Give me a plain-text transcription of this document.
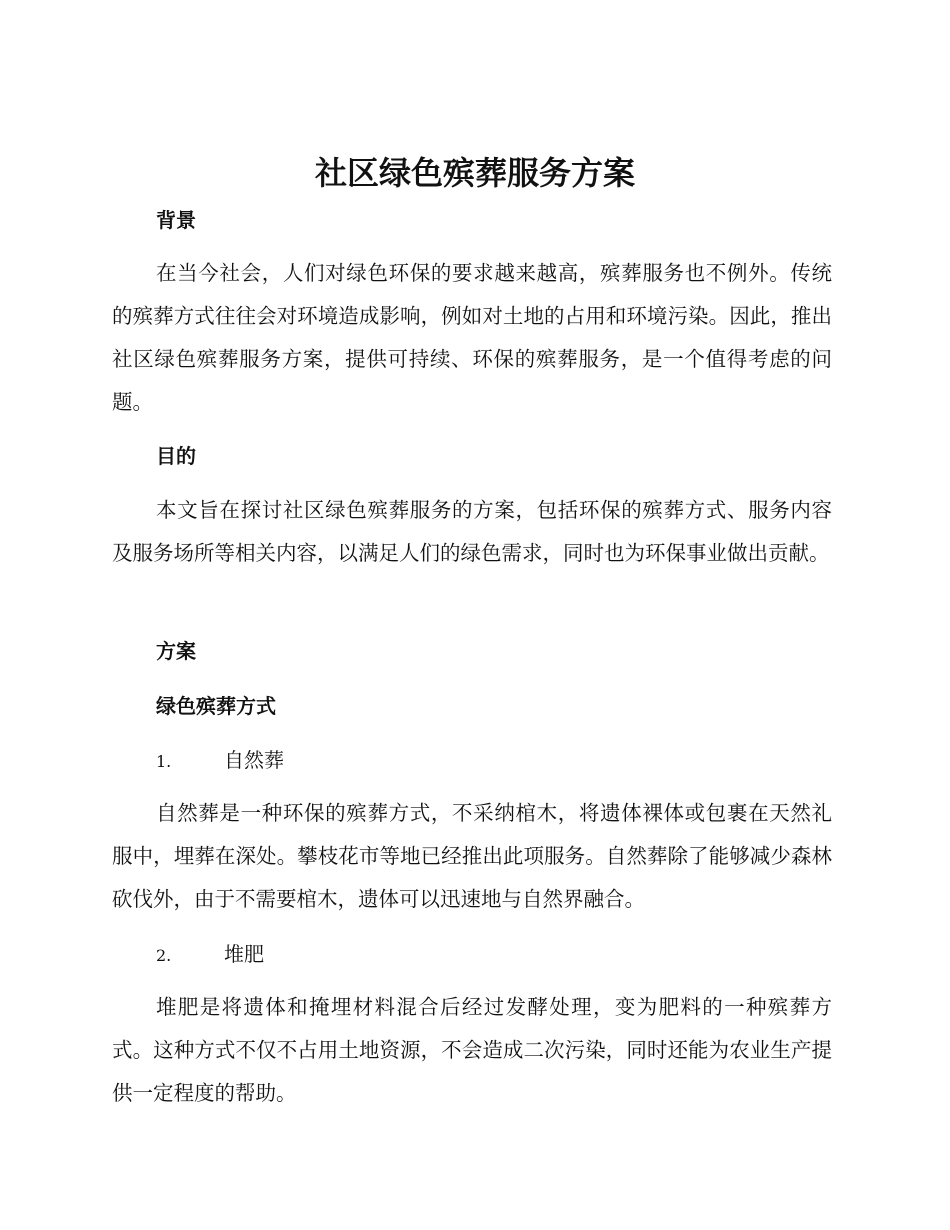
社区绿色殡葬服务方案
背景

在当今社会，人们对绿色环保的要求越来越高，殡葬服务也不例外。传统的殡葬方式往往会对环境造成影响，例如对土地的占用和环境污染。因此，推出社区绿色殡葬服务方案，提供可持续、环保的殡葬服务，是一个值得考虑的问题。

目的

本文旨在探讨社区绿色殡葬服务的方案，包括环保的殡葬方式、服务内容及服务场所等相关内容，以满足人们的绿色需求，同时也为环保事业做出贡献。

方案
绿色殡葬方式
1.	自然葬

自然葬是一种环保的殡葬方式，不采纳棺木，将遗体裸体或包裹在天然礼服中，埋葬在深处。攀枝花市等地已经推出此项服务。自然葬除了能够减少森林砍伐外，由于不需要棺木，遗体可以迅速地与自然界融合。

2.	堆肥

堆肥是将遗体和掩埋材料混合后经过发酵处理，变为肥料的一种殡葬方式。这种方式不仅不占用土地资源，不会造成二次污染，同时还能为农业生产提供一定程度的帮助。
